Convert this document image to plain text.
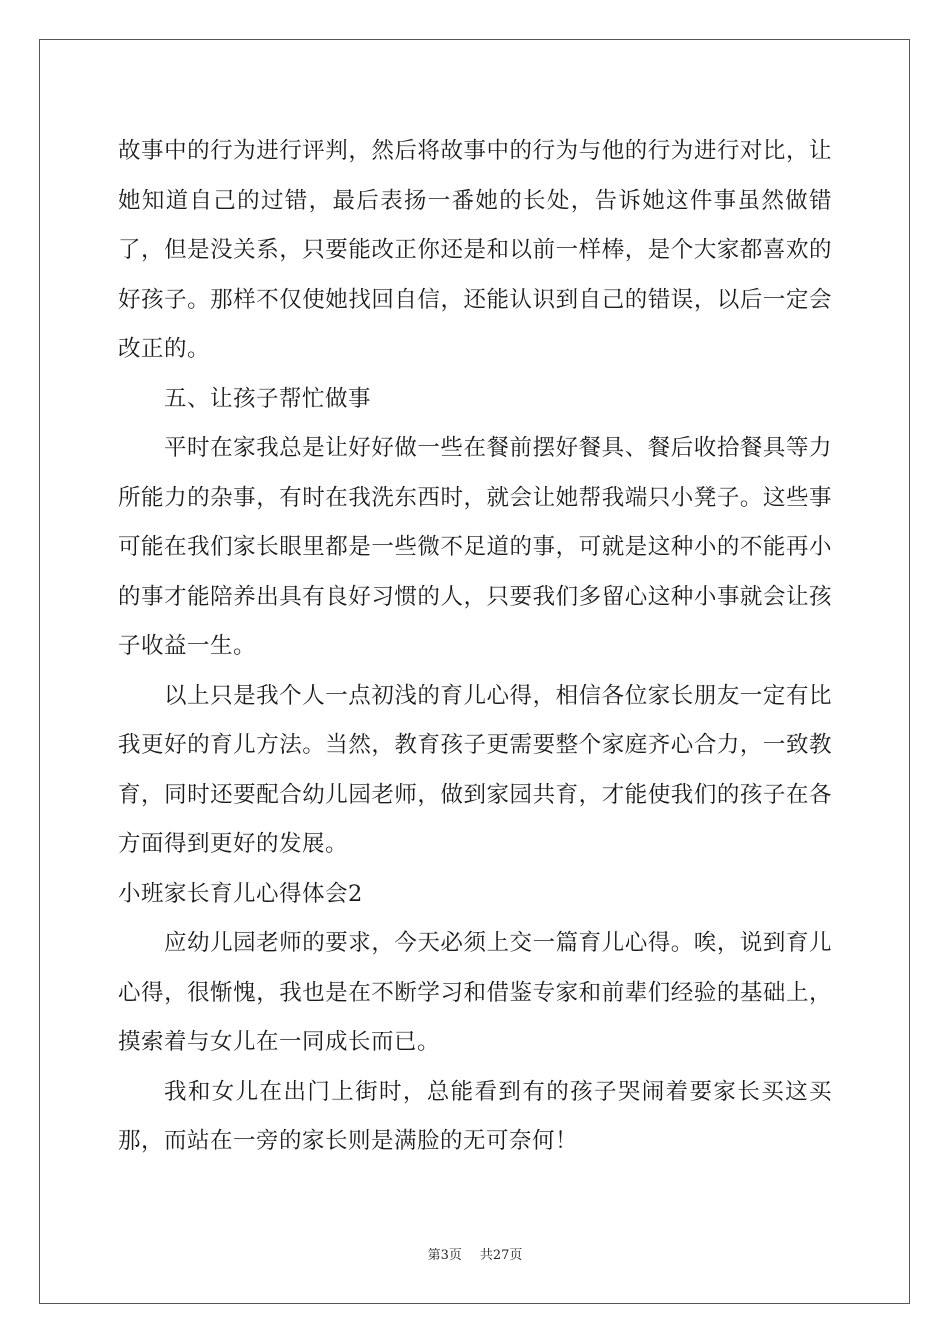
故事中的行为进行评判，然后将故事中的行为与他的行为进行对比，让她知道自己的过错，最后表扬一番她的长处，告诉她这件事虽然做错了，但是没关系，只要能改正你还是和以前一样棒，是个大家都喜欢的好孩子。那样不仅使她找回自信，还能认识到自己的错误，以后一定会改正的。

五、让孩子帮忙做事

平时在家我总是让好好做一些在餐前摆好餐具、餐后收拾餐具等力所能力的杂事，有时在我洗东西时，就会让她帮我端只小凳子。这些事可能在我们家长眼里都是一些微不足道的事，可就是这种小的不能再小的事才能陪养出具有良好习惯的人，只要我们多留心这种小事就会让孩子收益一生。

以上只是我个人一点初浅的育儿心得，相信各位家长朋友一定有比我更好的育儿方法。当然，教育孩子更需要整个家庭齐心合力，一致教育，同时还要配合幼儿园老师，做到家园共育，才能使我们的孩子在各方面得到更好的发展。

小班家长育儿心得体会2

应幼儿园老师的要求，今天必须上交一篇育儿心得。唉，说到育儿心得，很惭愧，我也是在不断学习和借鉴专家和前辈们经验的基础上，摸索着与女儿在一同成长而已。

我和女儿在出门上街时，总能看到有的孩子哭闹着要家长买这买那，而站在一旁的家长则是满脸的无可奈何！

第3页 共27页
